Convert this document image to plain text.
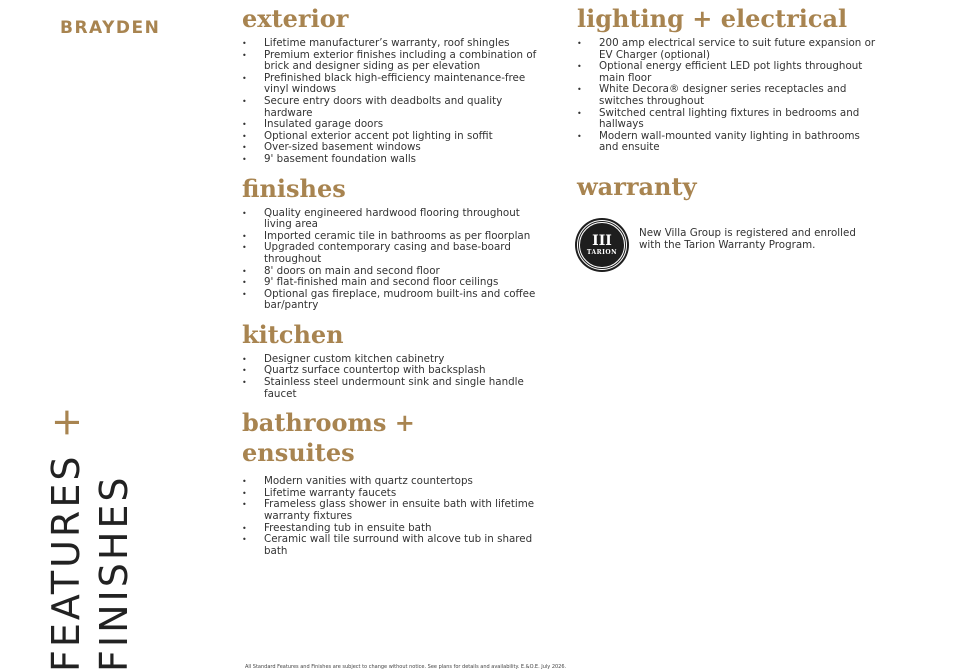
BRAYDEN
FEATURES +
FINISHES
exterior
• Lifetime manufacturer’s warranty, roof shingles
• Premium exterior finishes including a combination of brick and designer siding as per elevation
• Prefinished black high-efficiency maintenance-free vinyl windows
• Secure entry doors with deadbolts and quality hardware
• Insulated garage doors
• Optional exterior accent pot lighting in soffit
• Over-sized basement windows
• 9' basement foundation walls
finishes
• Quality engineered hardwood flooring throughout living area
• Imported ceramic tile in bathrooms as per floorplan
• Upgraded contemporary casing and base-board throughout
• 8' doors on main and second floor
• 9' flat-finished main and second floor ceilings
• Optional gas fireplace, mudroom built-ins and coffee bar/pantry
kitchen
• Designer custom kitchen cabinetry
• Quartz surface countertop with backsplash
• Stainless steel undermount sink and single handle faucet
bathrooms + ensuites
• Modern vanities with quartz countertops
• Lifetime warranty faucets
• Frameless glass shower in ensuite bath with lifetime warranty fixtures
• Freestanding tub in ensuite bath
• Ceramic wall tile surround with alcove tub in shared bath
lighting + electrical
• 200 amp electrical service to suit future expansion or EV Charger (optional)
• Optional energy efficient LED pot lights throughout main floor
• White Decora® designer series receptacles and switches throughout
• Switched central lighting fixtures in bedrooms and hallways
• Modern wall-mounted vanity lighting in bathrooms and ensuite
warranty
III
TARION
New Villa Group is registered and enrolled with the Tarion Warranty Program.
All Standard Features and Finishes are subject to change without notice. See plans for details and availability. E.&O.E. July 2026.
